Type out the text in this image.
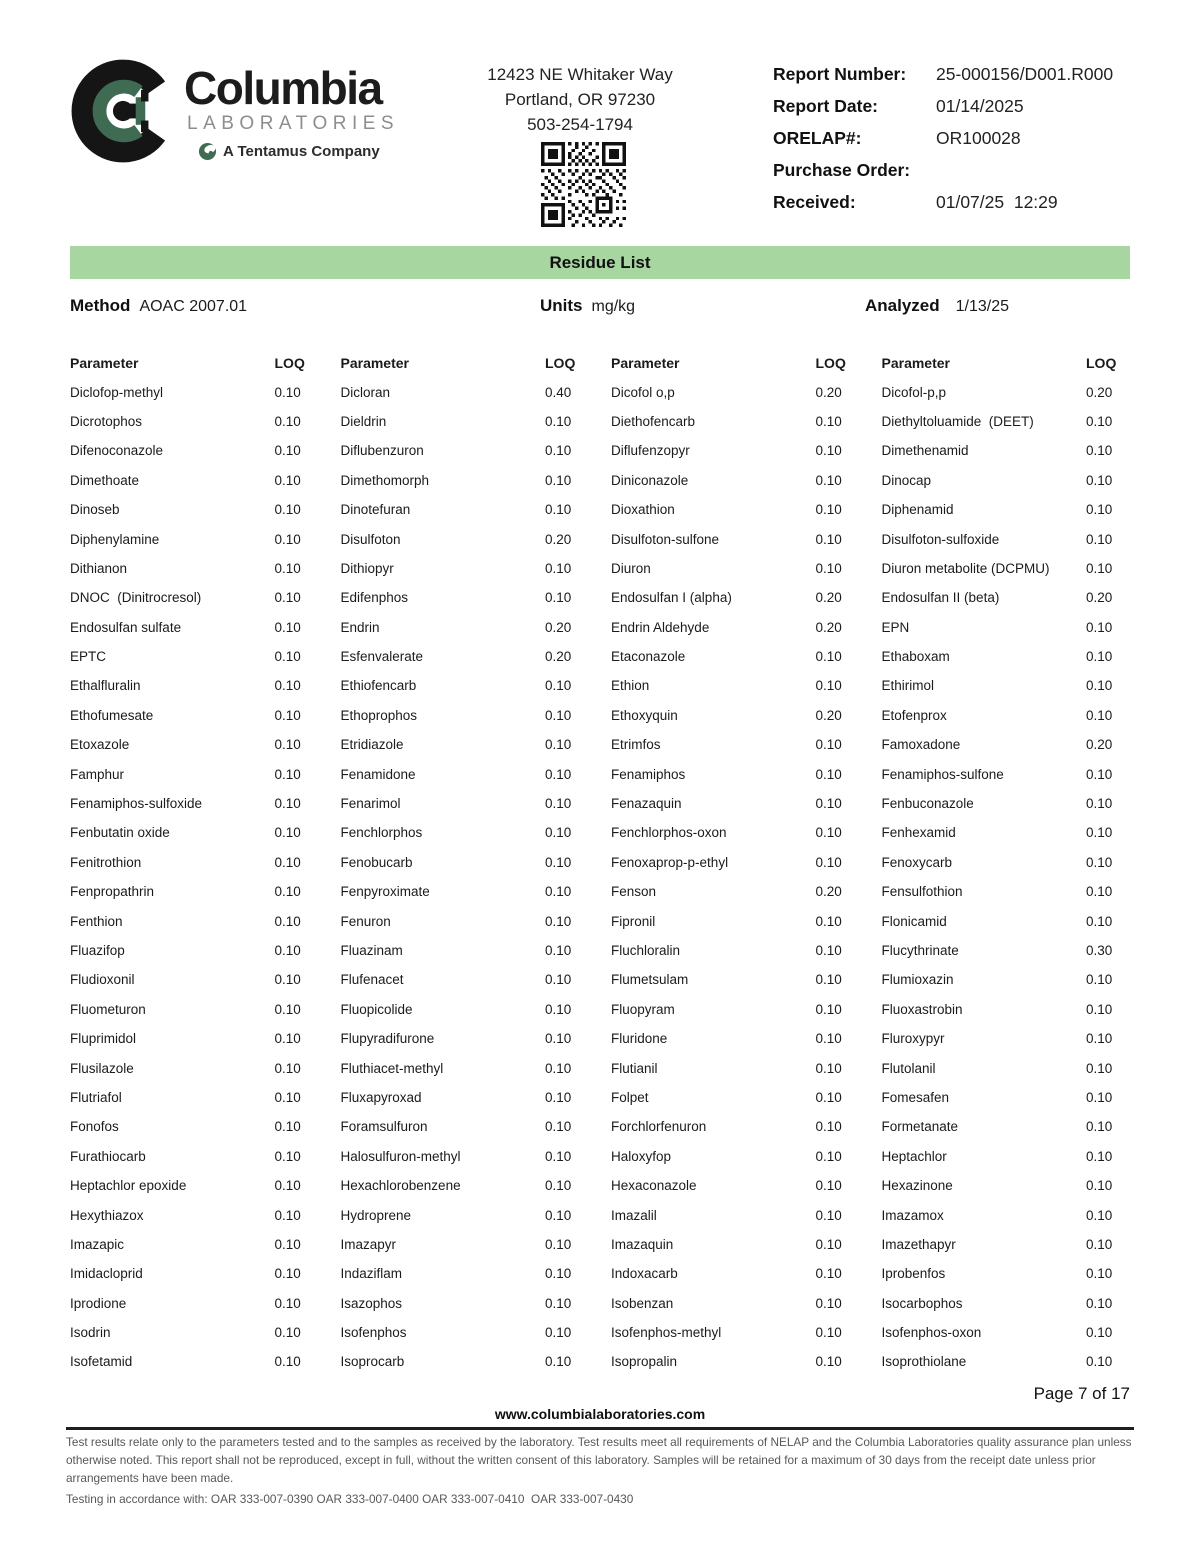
Columbia
LABORATORIES
A Tentamus Company
12423 NE Whitaker Way
Portland, OR 97230
503-254-1794
Report Number:	25-000156/D001.R000
Report Date:	01/14/2025
ORELAP#:	OR100028
Purchase Order:
Received:	01/07/25  12:29
Residue List
Method AOAC 2007.01	Units mg/kg	Analyzed 1/13/25
Parameter	LOQ
Diclofop-methyl	0.10
Dicrotophos	0.10
Difenoconazole	0.10
Dimethoate	0.10
Dinoseb	0.10
Diphenylamine	0.10
Dithianon	0.10
DNOC  (Dinitrocresol)	0.10
Endosulfan sulfate	0.10
EPTC	0.10
Ethalfluralin	0.10
Ethofumesate	0.10
Etoxazole	0.10
Famphur	0.10
Fenamiphos-sulfoxide	0.10
Fenbutatin oxide	0.10
Fenitrothion	0.10
Fenpropathrin	0.10
Fenthion	0.10
Fluazifop	0.10
Fludioxonil	0.10
Fluometuron	0.10
Fluprimidol	0.10
Flusilazole	0.10
Flutriafol	0.10
Fonofos	0.10
Furathiocarb	0.10
Heptachlor epoxide	0.10
Hexythiazox	0.10
Imazapic	0.10
Imidacloprid	0.10
Iprodione	0.10
Isodrin	0.10
Isofetamid	0.10
Parameter	LOQ
Dicloran	0.40
Dieldrin	0.10
Diflubenzuron	0.10
Dimethomorph	0.10
Dinotefuran	0.10
Disulfoton	0.20
Dithiopyr	0.10
Edifenphos	0.10
Endrin	0.20
Esfenvalerate	0.20
Ethiofencarb	0.10
Ethoprophos	0.10
Etridiazole	0.10
Fenamidone	0.10
Fenarimol	0.10
Fenchlorphos	0.10
Fenobucarb	0.10
Fenpyroximate	0.10
Fenuron	0.10
Fluazinam	0.10
Flufenacet	0.10
Fluopicolide	0.10
Flupyradifurone	0.10
Fluthiacet-methyl	0.10
Fluxapyroxad	0.10
Foramsulfuron	0.10
Halosulfuron-methyl	0.10
Hexachlorobenzene	0.10
Hydroprene	0.10
Imazapyr	0.10
Indaziflam	0.10
Isazophos	0.10
Isofenphos	0.10
Isoprocarb	0.10
Parameter	LOQ
Dicofol o,p	0.20
Diethofencarb	0.10
Diflufenzopyr	0.10
Diniconazole	0.10
Dioxathion	0.10
Disulfoton-sulfone	0.10
Diuron	0.10
Endosulfan I (alpha)	0.20
Endrin Aldehyde	0.20
Etaconazole	0.10
Ethion	0.10
Ethoxyquin	0.20
Etrimfos	0.10
Fenamiphos	0.10
Fenazaquin	0.10
Fenchlorphos-oxon	0.10
Fenoxaprop-p-ethyl	0.10
Fenson	0.20
Fipronil	0.10
Fluchloralin	0.10
Flumetsulam	0.10
Fluopyram	0.10
Fluridone	0.10
Flutianil	0.10
Folpet	0.10
Forchlorfenuron	0.10
Haloxyfop	0.10
Hexaconazole	0.10
Imazalil	0.10
Imazaquin	0.10
Indoxacarb	0.10
Isobenzan	0.10
Isofenphos-methyl	0.10
Isopropalin	0.10
Parameter	LOQ
Dicofol-p,p	0.20
Diethyltoluamide  (DEET)	0.10
Dimethenamid	0.10
Dinocap	0.10
Diphenamid	0.10
Disulfoton-sulfoxide	0.10
Diuron metabolite (DCPMU)	0.10
Endosulfan II (beta)	0.20
EPN	0.10
Ethaboxam	0.10
Ethirimol	0.10
Etofenprox	0.10
Famoxadone	0.20
Fenamiphos-sulfone	0.10
Fenbuconazole	0.10
Fenhexamid	0.10
Fenoxycarb	0.10
Fensulfothion	0.10
Flonicamid	0.10
Flucythrinate	0.30
Flumioxazin	0.10
Fluoxastrobin	0.10
Fluroxypyr	0.10
Flutolanil	0.10
Fomesafen	0.10
Formetanate	0.10
Heptachlor	0.10
Hexazinone	0.10
Imazamox	0.10
Imazethapyr	0.10
Iprobenfos	0.10
Isocarbophos	0.10
Isofenphos-oxon	0.10
Isoprothiolane	0.10
Page 7 of 17
www.columbialaboratories.com
Test results relate only to the parameters tested and to the samples as received by the laboratory. Test results meet all requirements of NELAP and the Columbia Laboratories quality assurance plan unless otherwise noted. This report shall not be reproduced, except in full, without the written consent of this laboratory. Samples will be retained for a maximum of 30 days from the receipt date unless prior arrangements have been made.
Testing in accordance with: OAR 333-007-0390 OAR 333-007-0400 OAR 333-007-0410  OAR 333-007-0430
